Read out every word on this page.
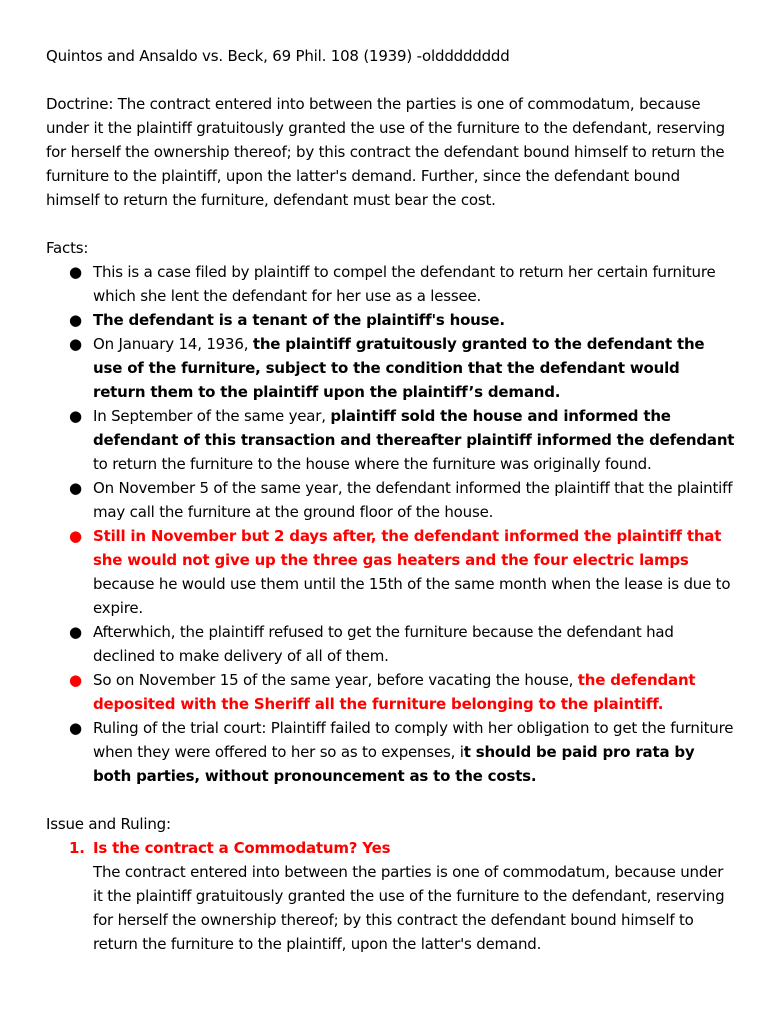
Quintos and Ansaldo vs. Beck, 69 Phil. 108 (1939) -oldddddddd

Doctrine: The contract entered into between the parties is one of commodatum, because under it the plaintiff gratuitously granted the use of the furniture to the defendant, reserving for herself the ownership thereof; by this contract the defendant bound himself to return the furniture to the plaintiff, upon the latter's demand. Further, since the defendant bound himself to return the furniture, defendant must bear the cost.

Facts:

● This is a case filed by plaintiff to compel the defendant to return her certain furniture which she lent the defendant for her use as a lessee.
● The defendant is a tenant of the plaintiff's house.
● On January 14, 1936, the plaintiff gratuitously granted to the defendant the use of the furniture, subject to the condition that the defendant would return them to the plaintiff upon the plaintiff’s demand.
● In September of the same year, plaintiff sold the house and informed the defendant of this transaction and thereafter plaintiff informed the defendant to return the furniture to the house where the furniture was originally found.
● On November 5 of the same year, the defendant informed the plaintiff that the plaintiff may call the furniture at the ground floor of the house.
● Still in November but 2 days after, the defendant informed the plaintiff that she would not give up the three gas heaters and the four electric lamps because he would use them until the 15th of the same month when the lease is due to expire.
● Afterwhich, the plaintiff refused to get the furniture because the defendant had declined to make delivery of all of them.
● So on November 15 of the same year, before vacating the house, the defendant deposited with the Sheriff all the furniture belonging to the plaintiff.
● Ruling of the trial court: Plaintiff failed to comply with her obligation to get the furniture when they were offered to her so as to expenses, it should be paid pro rata by both parties, without pronouncement as to the costs.

Issue and Ruling:

1. Is the contract a Commodatum? Yes
The contract entered into between the parties is one of commodatum, because under it the plaintiff gratuitously granted the use of the furniture to the defendant, reserving for herself the ownership thereof; by this contract the defendant bound himself to return the furniture to the plaintiff, upon the latter's demand.
